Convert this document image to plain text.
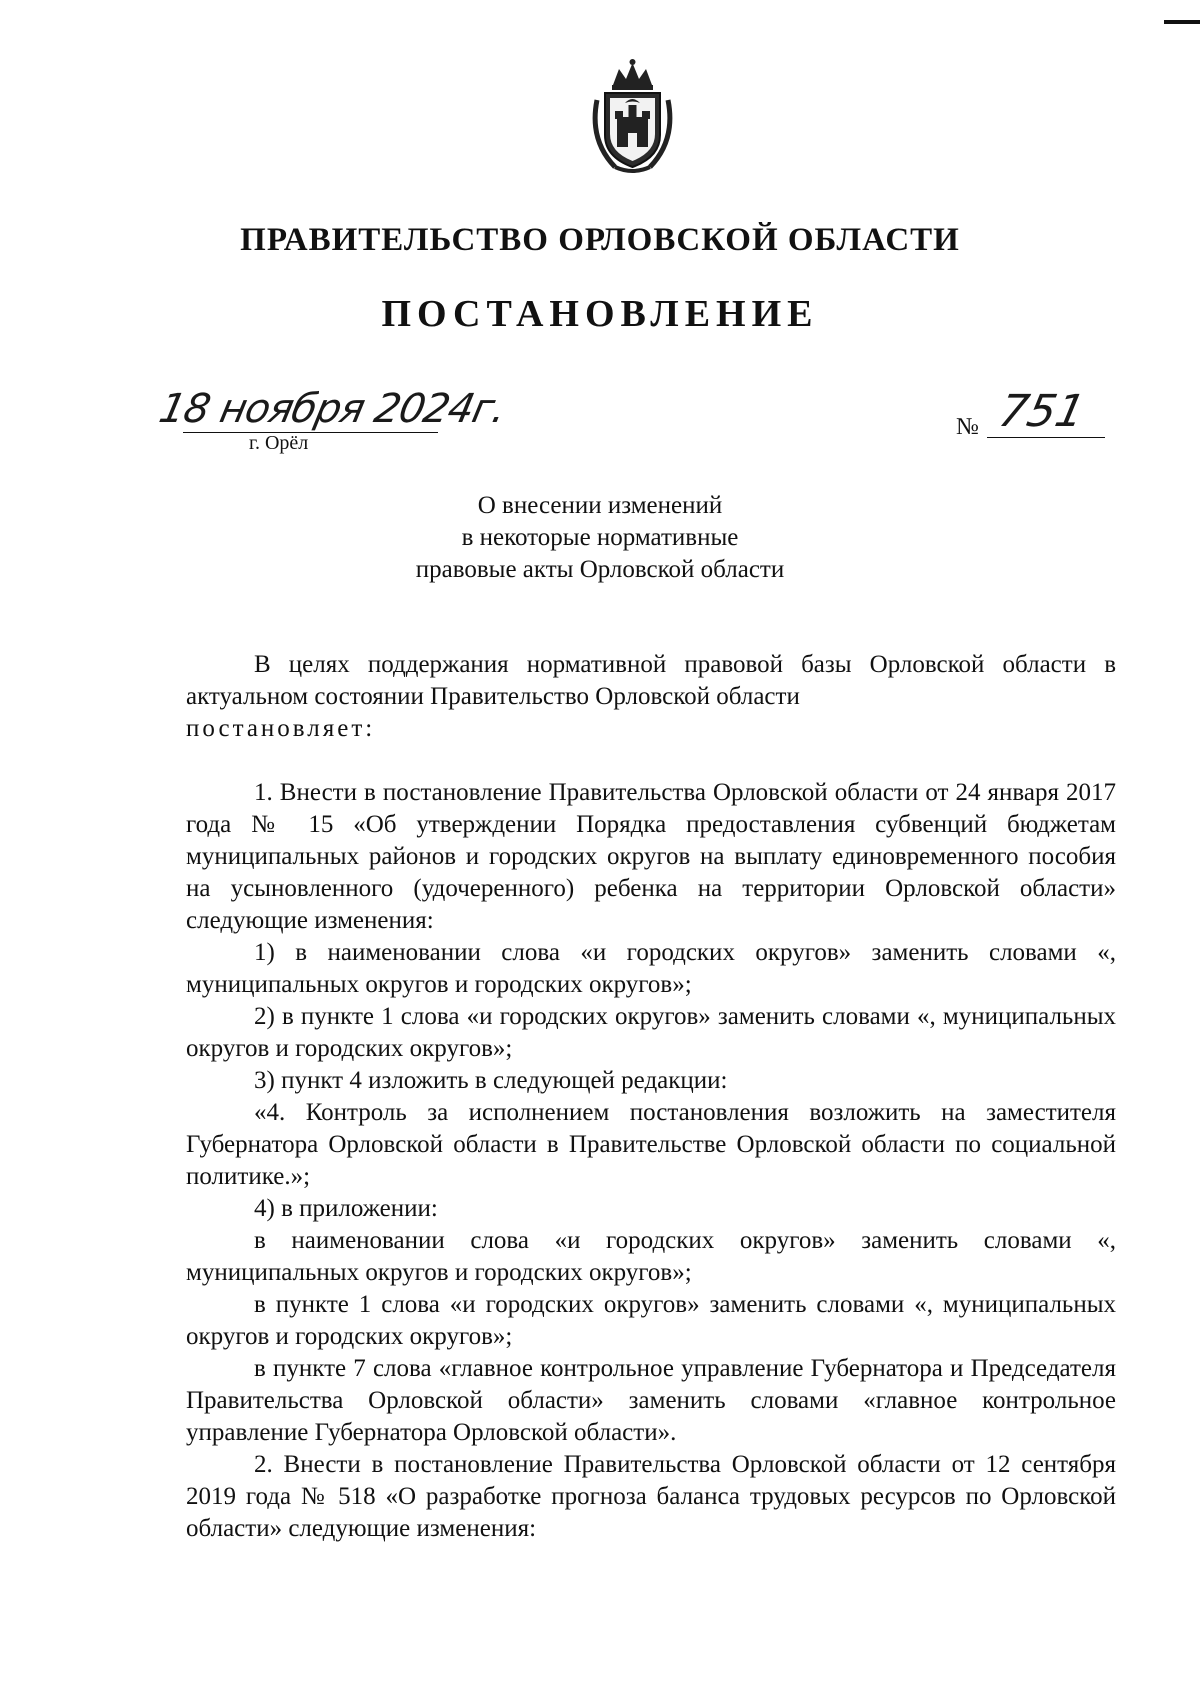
ПРАВИТЕЛЬСТВО ОРЛОВСКОЙ ОБЛАСТИ
ПОСТАНОВЛЕНИЕ
18 ноября 2024г.
г. Орёл
№ 751
О внесении изменений
в некоторые нормативные
правовые акты Орловской области

В целях поддержания нормативной правовой базы Орловской области в актуальном состоянии Правительство Орловской области

постановляет:

1. Внести в постановление Правительства Орловской области от 24 января 2017 года № 15 «Об утверждении Порядка предоставления субвенций бюджетам муниципальных районов и городских округов на выплату единовременного пособия на усыновленного (удочеренного) ребенка на территории Орловской области» следующие изменения:

1) в наименовании слова «и городских округов» заменить словами «, муниципальных округов и городских округов»;

2) в пункте 1 слова «и городских округов» заменить словами «, муниципальных округов и городских округов»;

3) пункт 4 изложить в следующей редакции:

«4. Контроль за исполнением постановления возложить на заместителя Губернатора Орловской области в Правительстве Орловской области по социальной политике.»;

4) в приложении:

в наименовании слова «и городских округов» заменить словами «, муниципальных округов и городских округов»;

в пункте 1 слова «и городских округов» заменить словами «, муниципальных округов и городских округов»;

в пункте 7 слова «главное контрольное управление Губернатора и Председателя Правительства Орловской области» заменить словами «главное контрольное управление Губернатора Орловской области».

2. Внести в постановление Правительства Орловской области от 12 сентября 2019 года № 518 «О разработке прогноза баланса трудовых ресурсов по Орловской области» следующие изменения:
